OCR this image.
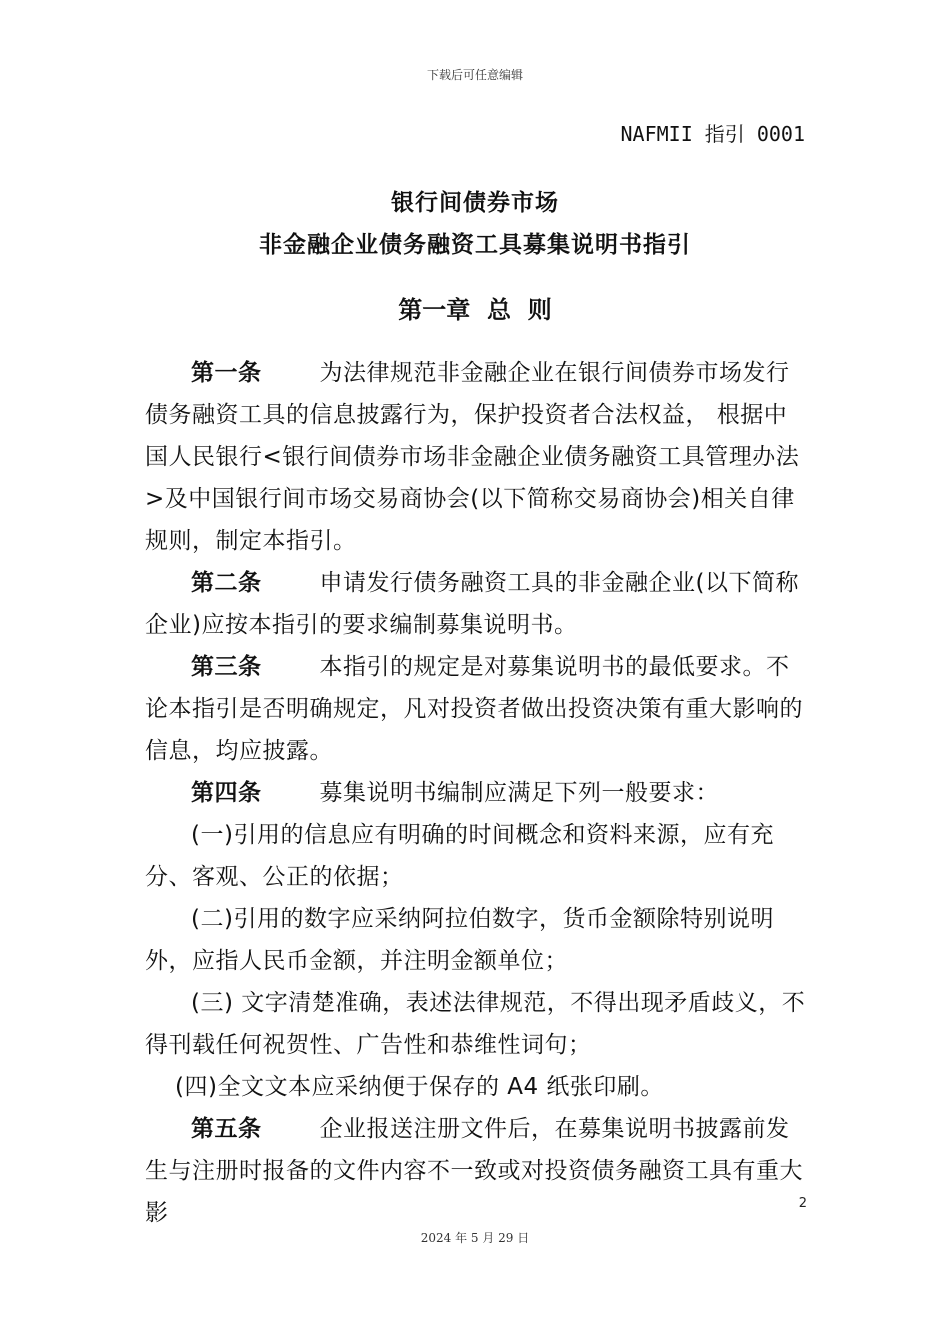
下载后可任意编辑
NAFMII 指引 0001
银行间债券市场
非金融企业债务融资工具募集说明书指引
第一章  总  则

第一条	为法律规范非金融企业在银行间债券市场发行债务融资工具的信息披露行为，保护投资者合法权益， 根据中国人民银行<银行间债券市场非金融企业债务融资工具管理办法>及中国银行间市场交易商协会(以下简称交易商协会)相关自律规则，制定本指引。

第二条	申请发行债务融资工具的非金融企业(以下简称企业)应按本指引的要求编制募集说明书。

第三条	本指引的规定是对募集说明书的最低要求。不论本指引是否明确规定，凡对投资者做出投资决策有重大影响的信息，均应披露。

第四条	募集说明书编制应满足下列一般要求：

(一)引用的信息应有明确的时间概念和资料来源，应有充分、客观、公正的依据；

(二)引用的数字应采纳阿拉伯数字，货币金额除特别说明外，应指人民币金额，并注明金额单位；

(三) 文字清楚准确，表述法律规范，不得出现矛盾歧义，不得刊载任何祝贺性、广告性和恭维性词句；

(四)全文文本应采纳便于保存的 A4 纸张印刷。

第五条	企业报送注册文件后，在募集说明书披露前发生与注册时报备的文件内容不一致或对投资债务融资工具有重大影	2
2024 年 5 月 29 日
